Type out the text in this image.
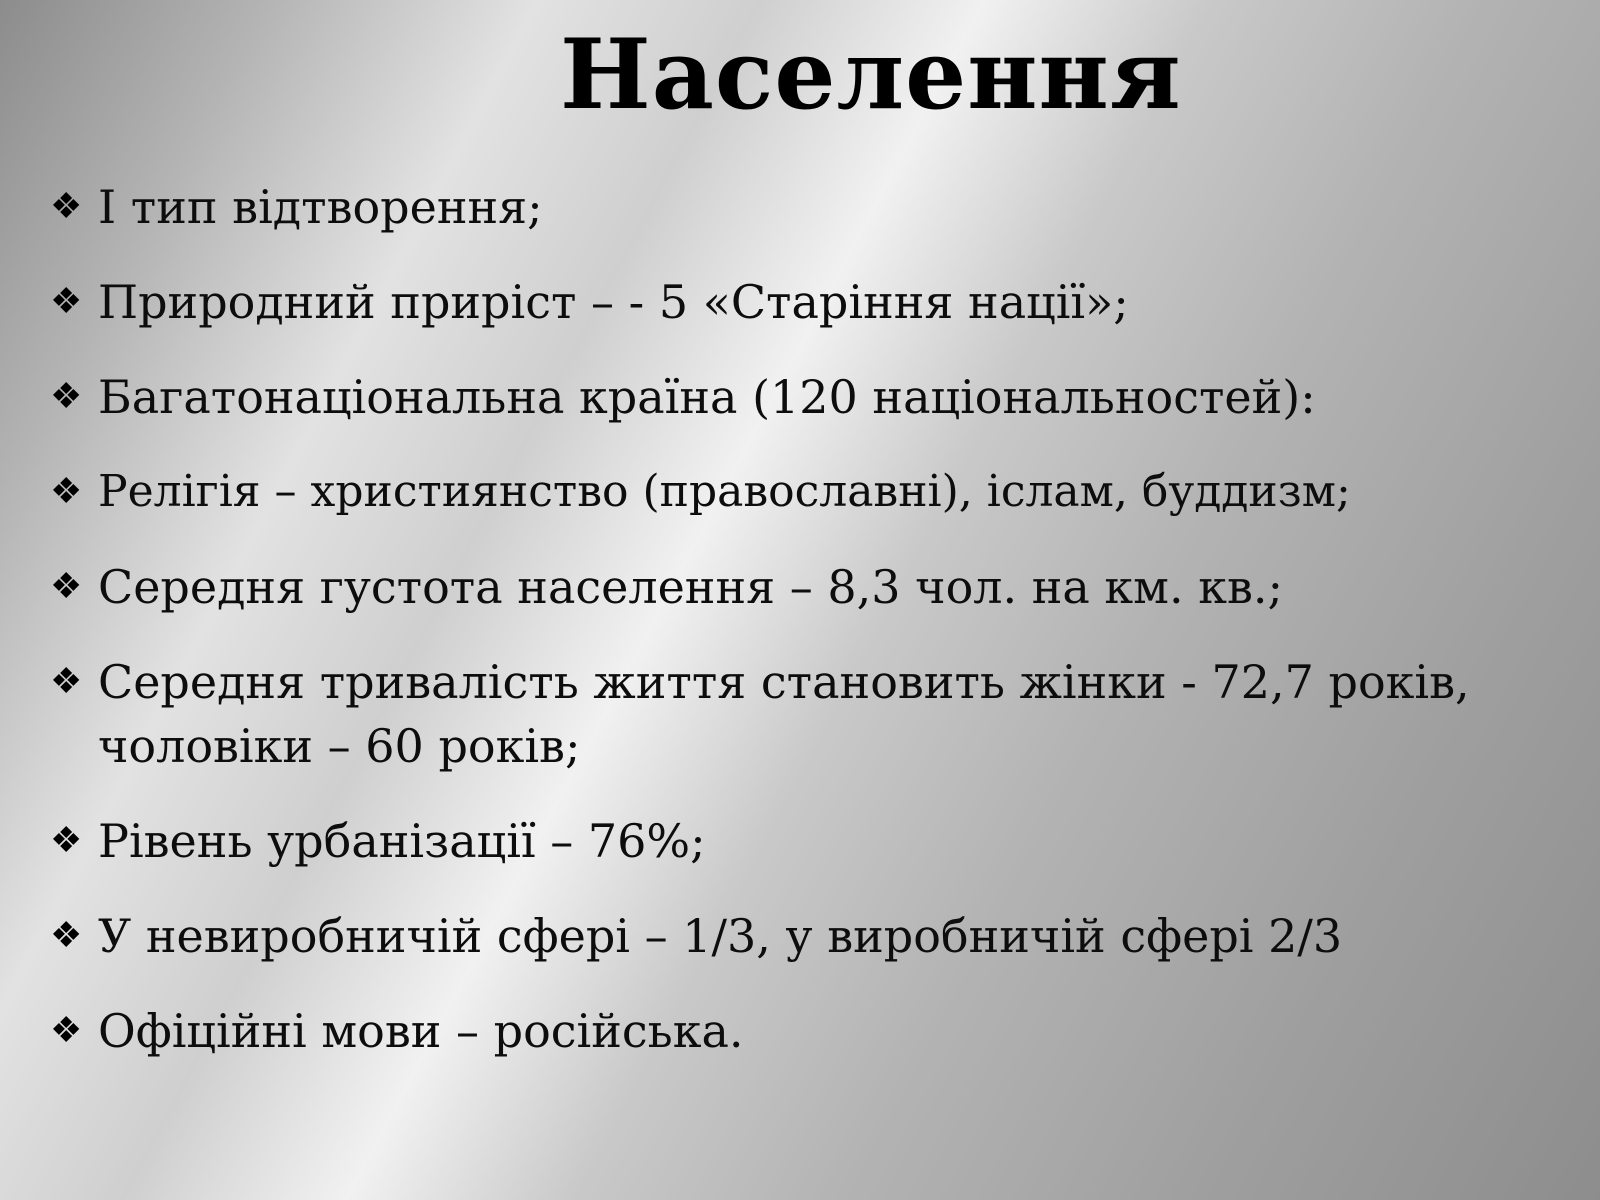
Населення
❖ І тип відтворення;
❖ Природний приріст – - 5 «Старіння нації»;
❖ Багатонаціональна країна (120 національностей):
❖ Релігія – християнство (православні), іслам, буддизм;
❖ Середня густота населення – 8,3 чол. на км. кв.;
❖ Середня тривалість життя становить жінки - 72,7 років, чоловіки – 60 років;
❖ Рівень урбанізації – 76%;
❖ У невиробничій сфері – 1/3, у виробничій сфері 2/3
❖ Офіційні мови – російська.
